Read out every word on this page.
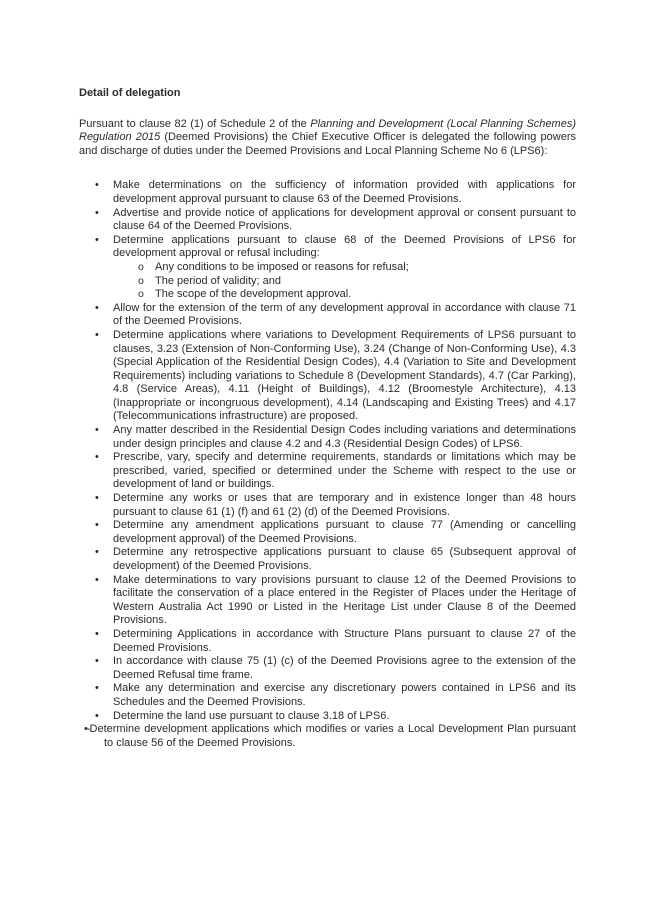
Detail of delegation

Pursuant to clause 82 (1) of Schedule 2 of the Planning and Development (Local Planning Schemes) Regulation 2015 (Deemed Provisions) the Chief Executive Officer is delegated the following powers and discharge of duties under the Deemed Provisions and Local Planning Scheme No 6 (LPS6):

•	Make determinations on the sufficiency of information provided with applications for development approval pursuant to clause 63 of the Deemed Provisions.
•	Advertise and provide notice of applications for development approval or consent pursuant to clause 64 of the Deemed Provisions.
•	Determine applications pursuant to clause 68 of the Deemed Provisions of LPS6 for development approval or refusal including:
o	Any conditions to be imposed or reasons for refusal;
o	The period of validity; and
o	The scope of the development approval.
•	Allow for the extension of the term of any development approval in accordance with clause 71 of the Deemed Provisions.
•	Determine applications where variations to Development Requirements of LPS6 pursuant to clauses, 3.23 (Extension of Non-Conforming Use), 3.24 (Change of Non-Conforming Use), 4.3 (Special Application of the Residential Design Codes), 4.4 (Variation to Site and Development Requirements) including variations to Schedule 8 (Development Standards), 4.7 (Car Parking), 4.8 (Service Areas), 4.11 (Height of Buildings), 4.12 (Broomestyle Architecture), 4.13 (Inappropriate or incongruous development), 4.14 (Landscaping and Existing Trees) and 4.17 (Telecommunications infrastructure) are proposed.
•	Any matter described in the Residential Design Codes including variations and determinations under design principles and clause 4.2 and 4.3 (Residential Design Codes) of LPS6.
•	Prescribe, vary, specify and determine requirements, standards or limitations which may be prescribed, varied, specified or determined under the Scheme with respect to the use or development of land or buildings.
•	Determine any works or uses that are temporary and in existence longer than 48 hours pursuant to clause 61 (1) (f) and 61 (2) (d) of the Deemed Provisions.
•	Determine any amendment applications pursuant to clause 77 (Amending or cancelling development approval) of the Deemed Provisions.
•	Determine any retrospective applications pursuant to clause 65 (Subsequent approval of development) of the Deemed Provisions.
•	Make determinations to vary provisions pursuant to clause 12 of the Deemed Provisions to facilitate the conservation of a place entered in the Register of Places under the Heritage of Western Australia Act 1990 or Listed in the Heritage List under Clause 8 of the Deemed Provisions.
•	Determining Applications in accordance with Structure Plans pursuant to clause 27 of the Deemed Provisions.
•	In accordance with clause 75 (1) (c) of the Deemed Provisions agree to the extension of the Deemed Refusal time frame.
•	Make any determination and exercise any discretionary powers contained in LPS6 and its Schedules and the Deemed Provisions.
•	Determine the land use pursuant to clause 3.18 of LPS6.
•-Determine development applications which modifies or varies a Local Development Plan pursuant to clause 56 of the Deemed Provisions.
